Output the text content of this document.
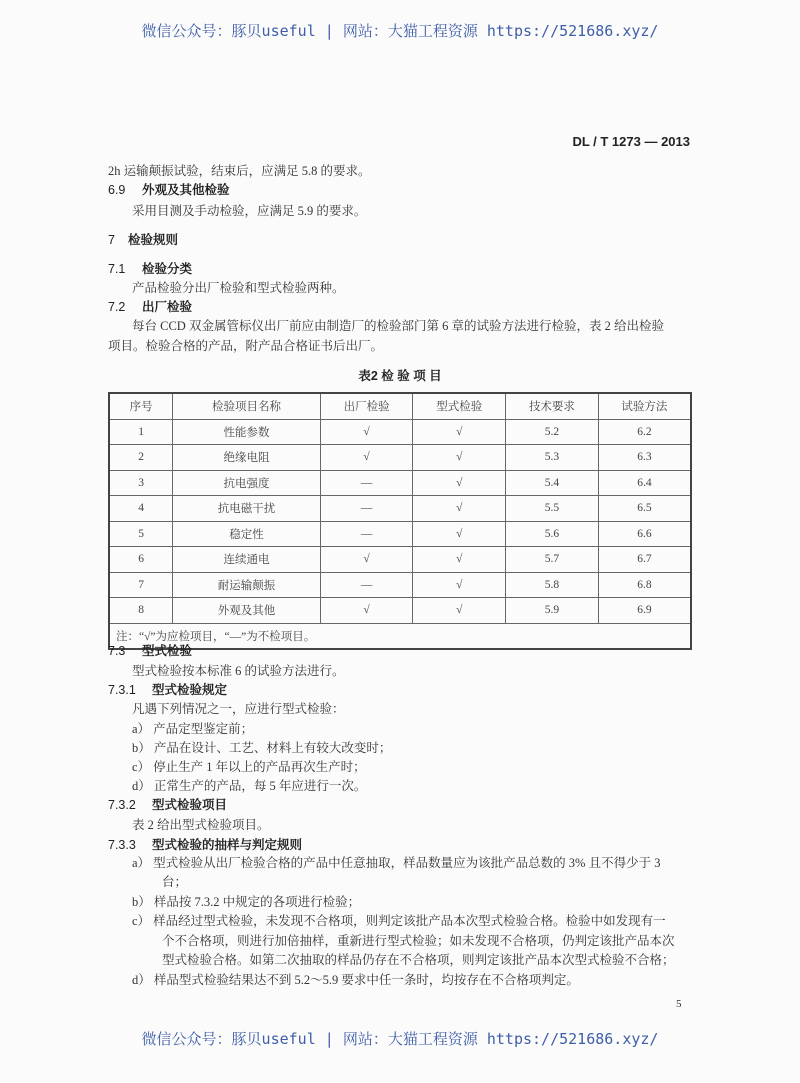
微信公众号：豚贝useful | 网站：大猫工程资源 https://521686.xyz/
DL / T 1273 — 2013
2h 运输颠振试验，结束后，应满足 5.8 的要求。
6.9 外观及其他检验
采用目测及手动检验，应满足 5.9 的要求。
7 检验规则
7.1 检验分类
产品检验分出厂检验和型式检验两种。
7.2 出厂检验
每台 CCD 双金属管标仪出厂前应由制造厂的检验部门第 6 章的试验方法进行检验，表 2 给出检验
项目。检验合格的产品，附产品合格证书后出厂。
表2 检 验 项 目
序号	检验项目名称	出厂检验	型式检验	技术要求	试验方法
1	性能参数	√	√	5.2	6.2
2	绝缘电阻	√	√	5.3	6.3
3	抗电强度	—	√	5.4	6.4
4	抗电磁干扰	—	√	5.5	6.5
5	稳定性	—	√	5.6	6.6
6	连续通电	√	√	5.7	6.7
7	耐运输颠振	—	√	5.8	6.8
8	外观及其他	√	√	5.9	6.9
注：“√”为应检项目，“—”为不检项目。					
7.3 型式检验
型式检验按本标准 6 的试验方法进行。
7.3.1 型式检验规定
凡遇下列情况之一，应进行型式检验：
a） 产品定型鉴定前；
b） 产品在设计、工艺、材料上有较大改变时；
c） 停止生产 1 年以上的产品再次生产时；
d） 正常生产的产品，每 5 年应进行一次。
7.3.2 型式检验项目
表 2 给出型式检验项目。
7.3.3 型式检验的抽样与判定规则
a） 型式检验从出厂检验合格的产品中任意抽取，样品数量应为该批产品总数的 3% 且不得少于 3
台；
b） 样品按 7.3.2 中规定的各项进行检验；
c） 样品经过型式检验，未发现不合格项，则判定该批产品本次型式检验合格。检验中如发现有一
个不合格项，则进行加倍抽样，重新进行型式检验；如未发现不合格项，仍判定该批产品本次
型式检验合格。如第二次抽取的样品仍存在不合格项，则判定该批产品本次型式检验不合格；
d） 样品型式检验结果达不到 5.2～5.9 要求中任一条时，均按存在不合格项判定。
5
微信公众号：豚贝useful | 网站：大猫工程资源 https://521686.xyz/
